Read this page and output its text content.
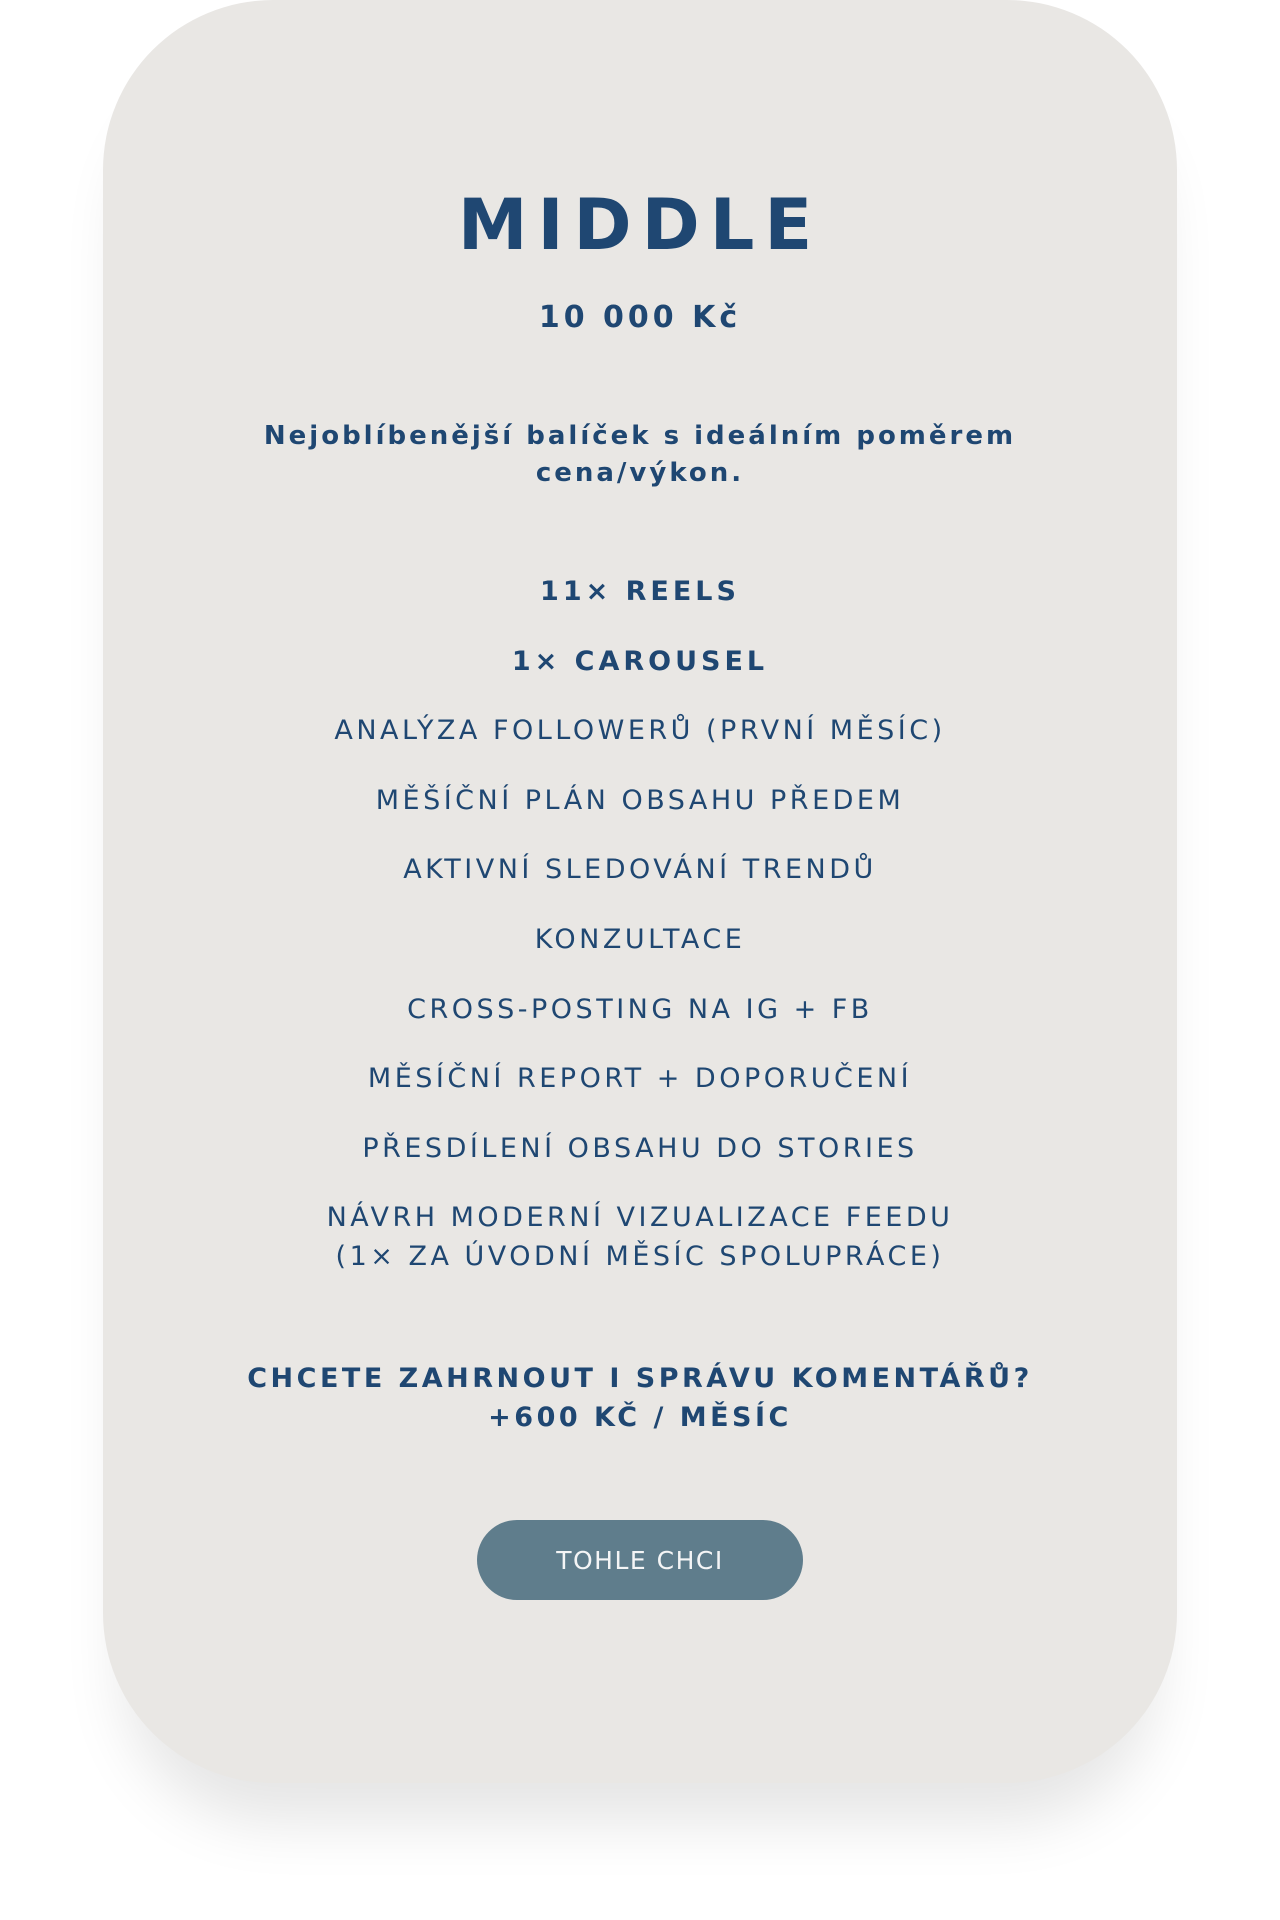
MIDDLE
10 000 Kč

Nejoblíbenější balíček s ideálním poměrem
cena/výkon.

11× REELS
1× CAROUSEL
ANALÝZA FOLLOWERŮ (PRVNÍ MĚSÍC)
MĚŠÍČNÍ PLÁN OBSAHU PŘEDEM
AKTIVNÍ SLEDOVÁNÍ TRENDŮ
KONZULTACE
CROSS-POSTING NA IG + FB
MĚSÍČNÍ REPORT + DOPORUČENÍ
PŘESDÍLENÍ OBSAHU DO STORIES
NÁVRH MODERNÍ VIZUALIZACE FEEDU
(1× ZA ÚVODNÍ MĚSÍC SPOLUPRÁCE)
CHCETE ZAHRNOUT I SPRÁVU KOMENTÁŘŮ?
+600 KČ / MĚSÍC
TOHLE CHCI
